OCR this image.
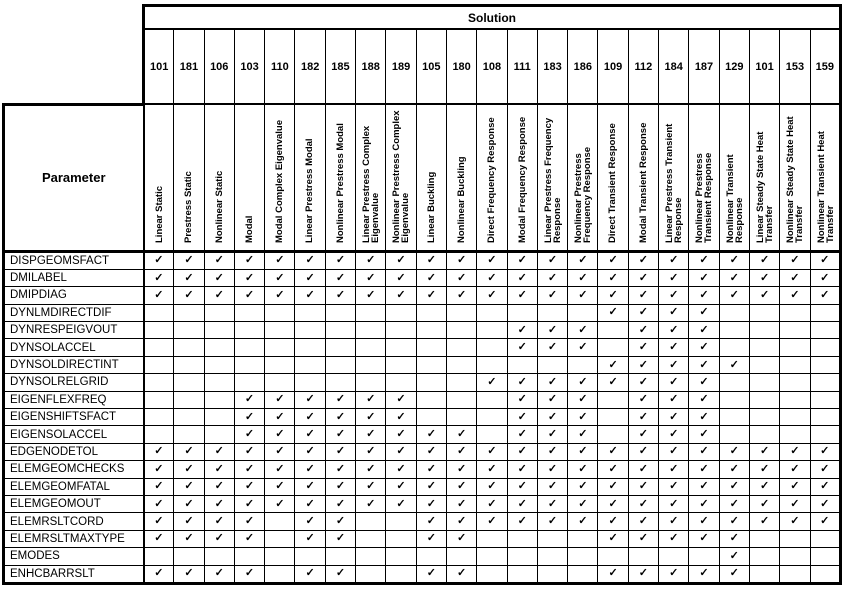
	Solution																						
	101	181	106	103	110	182	185	188	189	105	180	108	111	183	186	109	112	184	187	129	101	153	159
Parameter	Linear Static	Prestress Static	Nonlinear Static	Modal	Modal Complex Eigenvalue	Linear Prestress Modal	Nonlinear Prestress Modal	Linear Prestress Complex Eigenvalue	Nonlinear Prestress Complex Eigenvalue	Linear Buckling	Nonlinear Buckling	Direct Frequency Response	Modal Frequency Response	Linear Prestress Frequency Response	Nonlinear Prestress Frequency Response	Direct Transient Response	Modal Transient Response	Linear Prestress Transient Response	Nonlinear Prestress Transient Response	Nonlinear Transient Response	Linear Steady State Heat Transfer	Nonlinear Steady State Heat Transfer	Nonlinear Transient Heat Transfer

DISPGEOMSFACT	✓	✓	✓	✓	✓	✓	✓	✓	✓	✓	✓	✓	✓	✓	✓	✓	✓	✓	✓	✓	✓	✓	✓
DMILABEL	✓	✓	✓	✓	✓	✓	✓	✓	✓	✓	✓	✓	✓	✓	✓	✓	✓	✓	✓	✓	✓	✓	✓
DMIPDIAG	✓	✓	✓	✓	✓	✓	✓	✓	✓	✓	✓	✓	✓	✓	✓	✓	✓	✓	✓	✓	✓	✓	✓
DYNLMDIRECTDIF																✓	✓	✓	✓				
DYNRESPEIGVOUT													✓	✓	✓		✓	✓	✓				
DYNSOLACCEL													✓	✓	✓		✓	✓	✓				
DYNSOLDIRECTINT																✓	✓	✓	✓	✓			
DYNSOLRELGRID												✓	✓	✓	✓	✓	✓	✓	✓				
EIGENFLEXFREQ				✓	✓	✓	✓	✓	✓				✓	✓	✓		✓	✓	✓				
EIGENSHIFTSFACT				✓	✓	✓	✓	✓	✓				✓	✓	✓		✓	✓	✓				
EIGENSOLACCEL				✓	✓	✓	✓	✓	✓	✓	✓		✓	✓	✓		✓	✓	✓				
EDGENODETOL	✓	✓	✓	✓	✓	✓	✓	✓	✓	✓	✓	✓	✓	✓	✓	✓	✓	✓	✓	✓	✓	✓	✓
ELEMGEOMCHECKS	✓	✓	✓	✓	✓	✓	✓	✓	✓	✓	✓	✓	✓	✓	✓	✓	✓	✓	✓	✓	✓	✓	✓
ELEMGEOMFATAL	✓	✓	✓	✓	✓	✓	✓	✓	✓	✓	✓	✓	✓	✓	✓	✓	✓	✓	✓	✓	✓	✓	✓
ELEMGEOMOUT	✓	✓	✓	✓	✓	✓	✓	✓	✓	✓	✓	✓	✓	✓	✓	✓	✓	✓	✓	✓	✓	✓	✓
ELEMRSLTCORD	✓	✓	✓	✓		✓	✓			✓	✓	✓	✓	✓	✓	✓	✓	✓	✓	✓	✓	✓	✓
ELEMRSLTMAXTYPE	✓	✓	✓	✓		✓	✓			✓	✓					✓	✓	✓	✓	✓			
EMODES																				✓			
ENHCBARRSLT	✓	✓	✓	✓		✓	✓			✓	✓					✓	✓	✓	✓	✓			
